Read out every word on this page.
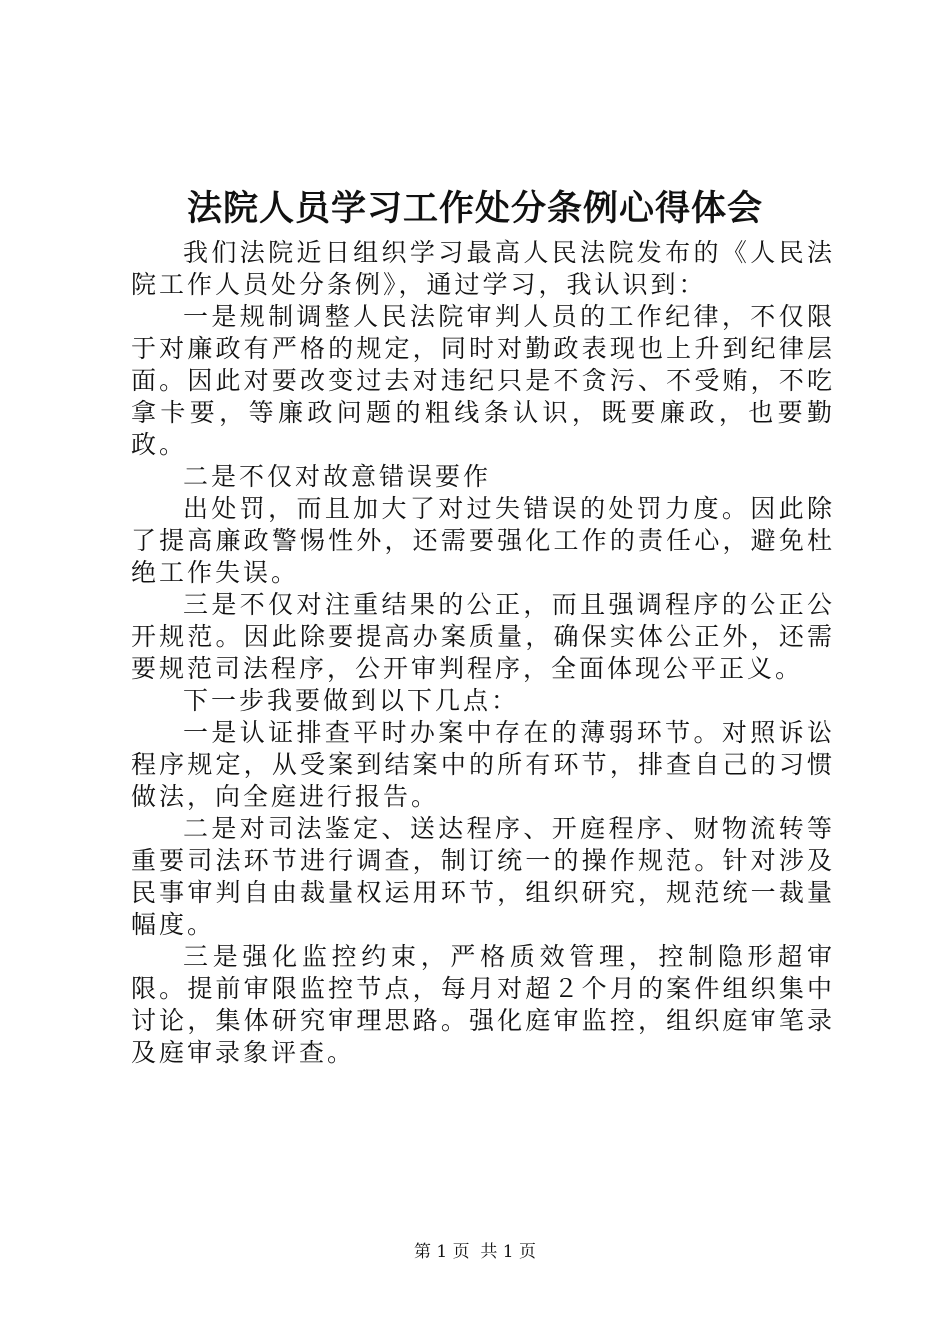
法院人员学习工作处分条例心得体会

我们法院近日组织学习最高人民法院发布的《人民法院工作人员处分条例》，通过学习，我认识到：

一是规制调整人民法院审判人员的工作纪律，不仅限于对廉政有严格的规定，同时对勤政表现也上升到纪律层面。因此对要改变过去对违纪只是不贪污、不受贿，不吃拿卡要，等廉政问题的粗线条认识，既要廉政，也要勤政。

二是不仅对故意错误要作

出处罚，而且加大了对过失错误的处罚力度。因此除了提高廉政警惕性外，还需要强化工作的责任心，避免杜绝工作失误。

三是不仅对注重结果的公正，而且强调程序的公正公开规范。因此除要提高办案质量，确保实体公正外，还需要规范司法程序，公开审判程序，全面体现公平正义。

下一步我要做到以下几点：

一是认证排查平时办案中存在的薄弱环节。对照诉讼程序规定，从受案到结案中的所有环节，排查自己的习惯做法，向全庭进行报告。

二是对司法鉴定、送达程序、开庭程序、财物流转等重要司法环节进行调查，制订统一的操作规范。针对涉及民事审判自由裁量权运用环节，组织研究，规范统一裁量幅度。

三是强化监控约束，严格质效管理，控制隐形超审限。提前审限监控节点，每月对超２个月的案件组织集中讨论，集体研究审理思路。强化庭审监控，组织庭审笔录及庭审录象评查。

第 1 页 共 1 页
